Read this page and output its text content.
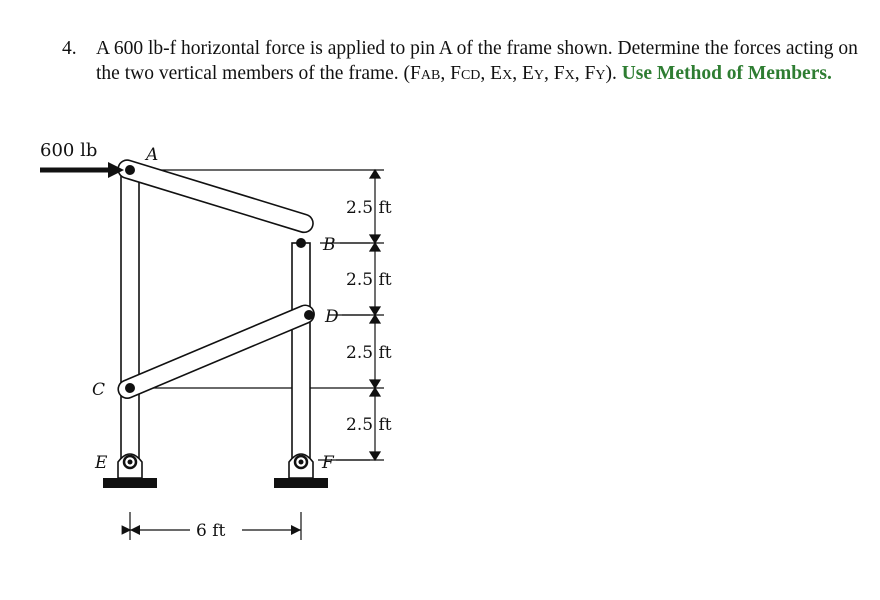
4. A 600 lb-f horizontal force is applied to pin A of the frame shown. Determine the forces acting on the two vertical members of the frame. (FAB, FCD, EX, EY, FX, FY). Use Method of Members.
2.5 ft
2.5 ft
2.5 ft
2.5 ft
600 lb	A
B
D
C
E	F
6 ft
